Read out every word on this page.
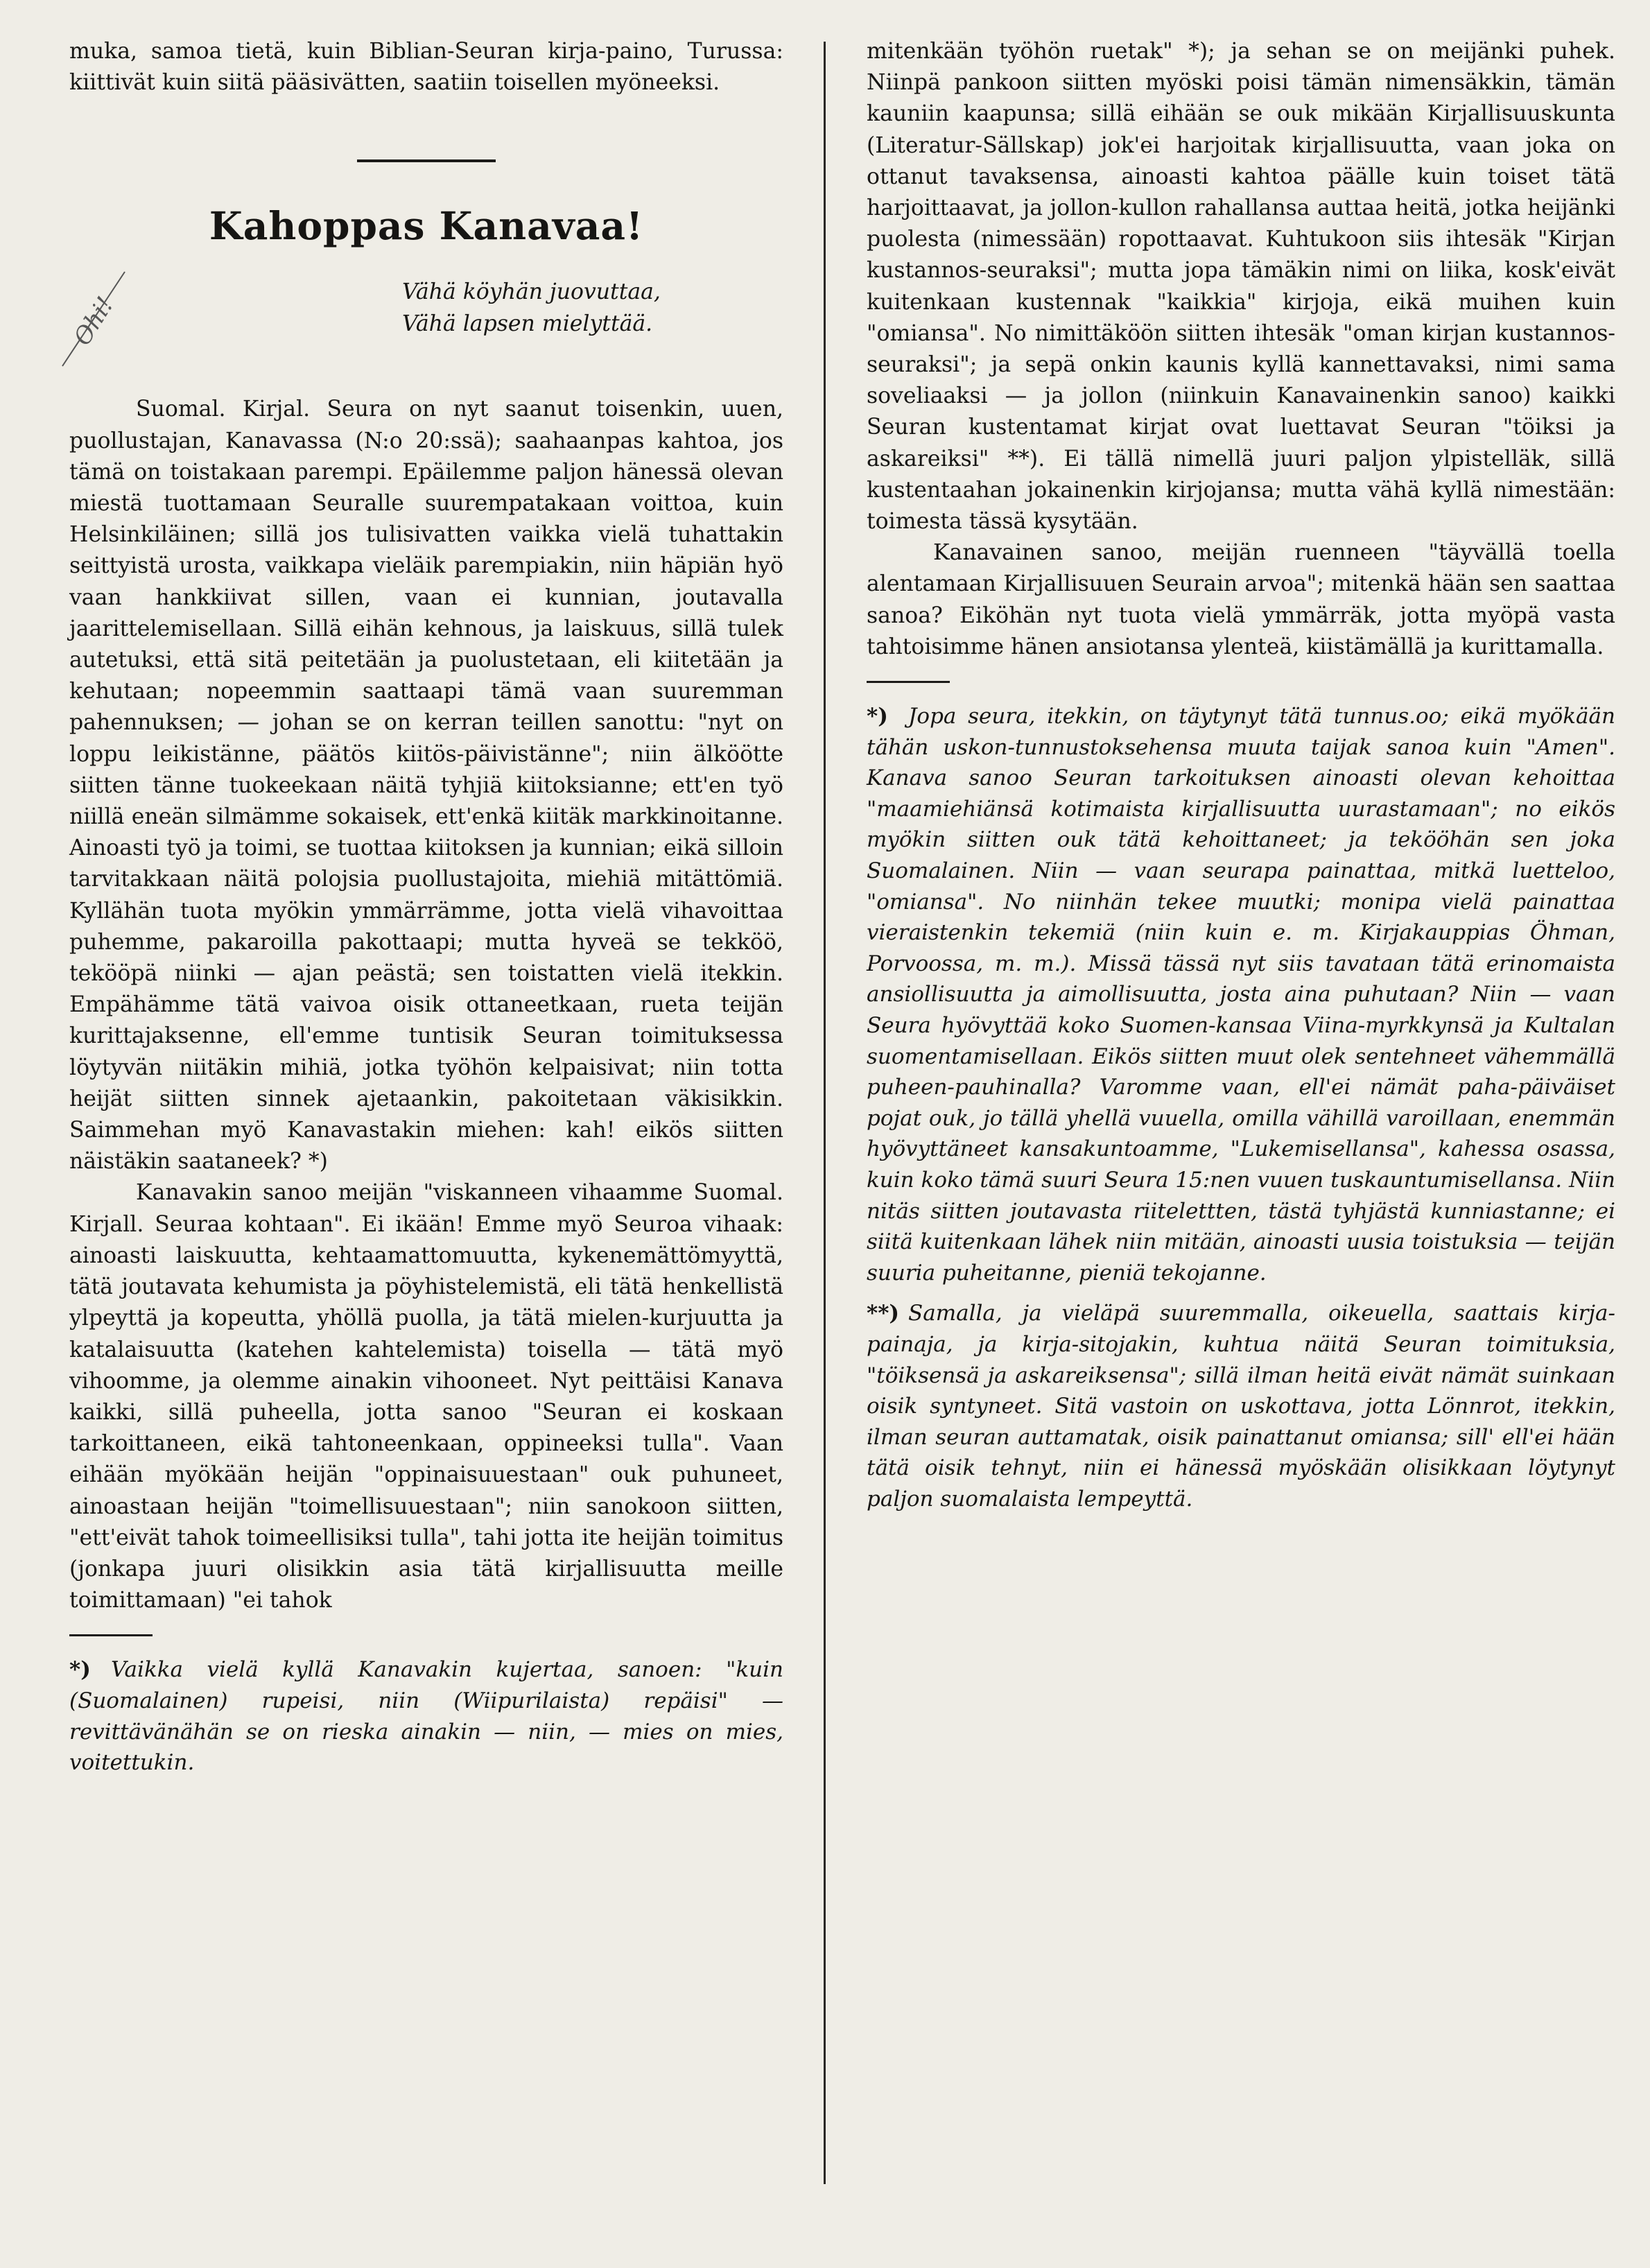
Ohi!

muka, samoa tietä, kuin Biblian-Seuran kirja-paino, Turussa: kiittivät kuin siitä pääsivätten, saatiin toisellen myöneeksi.

Kahoppas Kanavaa!
Vähä köyhän juovuttaa,
Vähä lapsen mielyttää.

Suomal. Kirjal. Seura on nyt saanut toisenkin, uuen, puollustajan, Kanavassa (N:o 20:ssä); saahaanpas kahtoa, jos tämä on toistakaan parempi. Epäilemme paljon hänessä olevan miestä tuottamaan Seuralle suurempatakaan voittoa, kuin Helsinkiläinen; sillä jos tulisivatten vaikka vielä tuhattakin seittyistä urosta, vaikkapa vieläik parempiakin, niin häpiän hyö vaan hankkiivat sillen, vaan ei kunnian, joutavalla jaarittelemisellaan. Sillä eihän kehnous, ja laiskuus, sillä tulek autetuksi, että sitä peitetään ja puolustetaan, eli kiitetään ja kehutaan; nopeemmin saattaapi tämä vaan suuremman pahennuksen; — johan se on kerran teillen sanottu: "nyt on loppu leikistänne, päätös kiitös-päivistänne"; niin älköötte siitten tänne tuokeekaan näitä tyhjiä kiitoksianne; ett'en työ niillä eneän silmämme sokaisek, ett'enkä kiitäk markkinoitanne. Ainoasti työ ja toimi, se tuottaa kiitoksen ja kunnian; eikä silloin tarvitakkaan näitä polojsia puollustajoita, miehiä mitättömiä. Kyllähän tuota myökin ymmärrämme, jotta vielä vihavoittaa puhemme, pakaroilla pakottaapi; mutta hyveä se tekköö, tekööpä niinki — ajan peästä; sen toistatten vielä itekkin. Empähämme tätä vaivoa oisik ottaneetkaan, rueta teijän kurittajaksenne, ell'emme tuntisik Seuran toimituksessa löytyvän niitäkin mihiä, jotka työhön kelpaisivat; niin totta heijät siitten sinnek ajetaankin, pakoitetaan väkisikkin. Saimmehan myö Kanavastakin miehen: kah! eikös siitten näistäkin saataneek? *)

Kanavakin sanoo meijän "viskanneen vihaamme Suomal. Kirjall. Seuraa kohtaan". Ei ikään! Emme myö Seuroa vihaak: ainoasti laiskuutta, kehtaamattomuutta, kykenemättömyyttä, tätä joutavata kehumista ja pöyhistelemistä, eli tätä henkellistä ylpeyttä ja kopeutta, yhöllä puolla, ja tätä mielen-kurjuutta ja katalaisuutta (katehen kahtelemista) toisella — tätä myö vihoomme, ja olemme ainakin vihooneet. Nyt peittäisi Kanava kaikki, sillä puheella, jotta sanoo "Seuran ei koskaan tarkoittaneen, eikä tahtoneenkaan, oppineeksi tulla". Vaan eihään myökään heijän "oppinaisuuestaan" ouk puhuneet, ainoastaan heijän "toimellisuuestaan"; niin sanokoon siitten, "ett'eivät tahok toimeellisiksi tulla", tahi jotta ite heijän toimitus (jonkapa juuri olisikkin asia tätä kirjallisuutta meille toimittamaan) "ei tahok

*) Vaikka vielä kyllä Kanavakin kujertaa, sanoen: "kuin (Suomalainen) rupeisi, niin (Wiipurilaista) repäisi" — revittävänähän se on rieska ainakin — niin, — mies on mies, voitettukin.

mitenkään työhön ruetak" *); ja sehan se on meijänki puhek. Niinpä pankoon siitten myöski poisi tämän nimensäkkin, tämän kauniin kaapunsa; sillä eihään se ouk mikään Kirjallisuuskunta (Literatur-Sällskap) jok'ei harjoitak kirjallisuutta, vaan joka on ottanut tavaksensa, ainoasti kahtoa päälle kuin toiset tätä harjoittaavat, ja jollon-kullon rahallansa auttaa heitä, jotka heijänki puolesta (nimessään) ropottaavat. Kuhtukoon siis ihtesäk "Kirjan kustannos-seuraksi"; mutta jopa tämäkin nimi on liika, kosk'eivät kuitenkaan kustennak "kaikkia" kirjoja, eikä muihen kuin "omiansa". No nimittäköön siitten ihtesäk "oman kirjan kustannos-seuraksi"; ja sepä onkin kaunis kyllä kannettavaksi, nimi sama soveliaaksi — ja jollon (niinkuin Kanavainenkin sanoo) kaikki Seuran kustentamat kirjat ovat luettavat Seuran "töiksi ja askareiksi" **). Ei tällä nimellä juuri paljon ylpistelläk, sillä kustentaahan jokainenkin kirjojansa; mutta vähä kyllä nimestään: toimesta tässä kysytään.

Kanavainen sanoo, meijän ruenneen "täyvällä toella alentamaan Kirjallisuuen Seurain arvoa"; mitenkä hään sen saattaa sanoa? Eiköhän nyt tuota vielä ymmärräk, jotta myöpä vasta tahtoisimme hänen ansiotansa ylenteä, kiistämällä ja kurittamalla.

*) Jopa seura, itekkin, on täytynyt tätä tunnus.oo; eikä myökään tähän uskon-tunnustoksehensa muuta taijak sanoa kuin "Amen". Kanava sanoo Seuran tarkoituksen ainoasti olevan kehoittaa "maamiehiänsä kotimaista kirjallisuutta uurastamaan"; no eikös myökin siitten ouk tätä kehoittaneet; ja tekööhän sen joka Suomalainen. Niin — vaan seurapa painattaa, mitkä luetteloo, "omiansa". No niinhän tekee muutki; monipa vielä painattaa vieraistenkin tekemiä (niin kuin e. m. Kirjakauppias Öhman, Porvoossa, m. m.). Missä tässä nyt siis tavataan tätä erinomaista ansiollisuutta ja aimollisuutta, josta aina puhutaan? Niin — vaan Seura hyövyttää koko Suomen-kansaa Viina-myrkkynsä ja Kultalan suomentamisellaan. Eikös siitten muut olek sentehneet vähemmällä puheen-pauhinalla? Varomme vaan, ell'ei nämät paha-päiväiset pojat ouk, jo tällä yhellä vuuella, omilla vähillä varoillaan, enemmän hyövyttäneet kansakuntoamme, "Lukemisellansa", kahessa osassa, kuin koko tämä suuri Seura 15:nen vuuen tuskauntumisellansa. Niin nitäs siitten joutavasta riitelettten, tästä tyhjästä kunniastanne; ei siitä kuitenkaan lähek niin mitään, ainoasti uusia toistuksia — teijän suuria puheitanne, pieniä tekojanne.

**) Samalla, ja vieläpä suuremmalla, oikeuella, saattais kirja-painaja, ja kirja-sitojakin, kuhtua näitä Seuran toimituksia, "töiksensä ja askareiksensa"; sillä ilman heitä eivät nämät suinkaan oisik syntyneet. Sitä vastoin on uskottava, jotta Lönnrot, itekkin, ilman seuran auttamatak, oisik painattanut omiansa; sill' ell'ei hään tätä oisik tehnyt, niin ei hänessä myöskään olisikkaan löytynyt paljon suomalaista lempeyttä.
